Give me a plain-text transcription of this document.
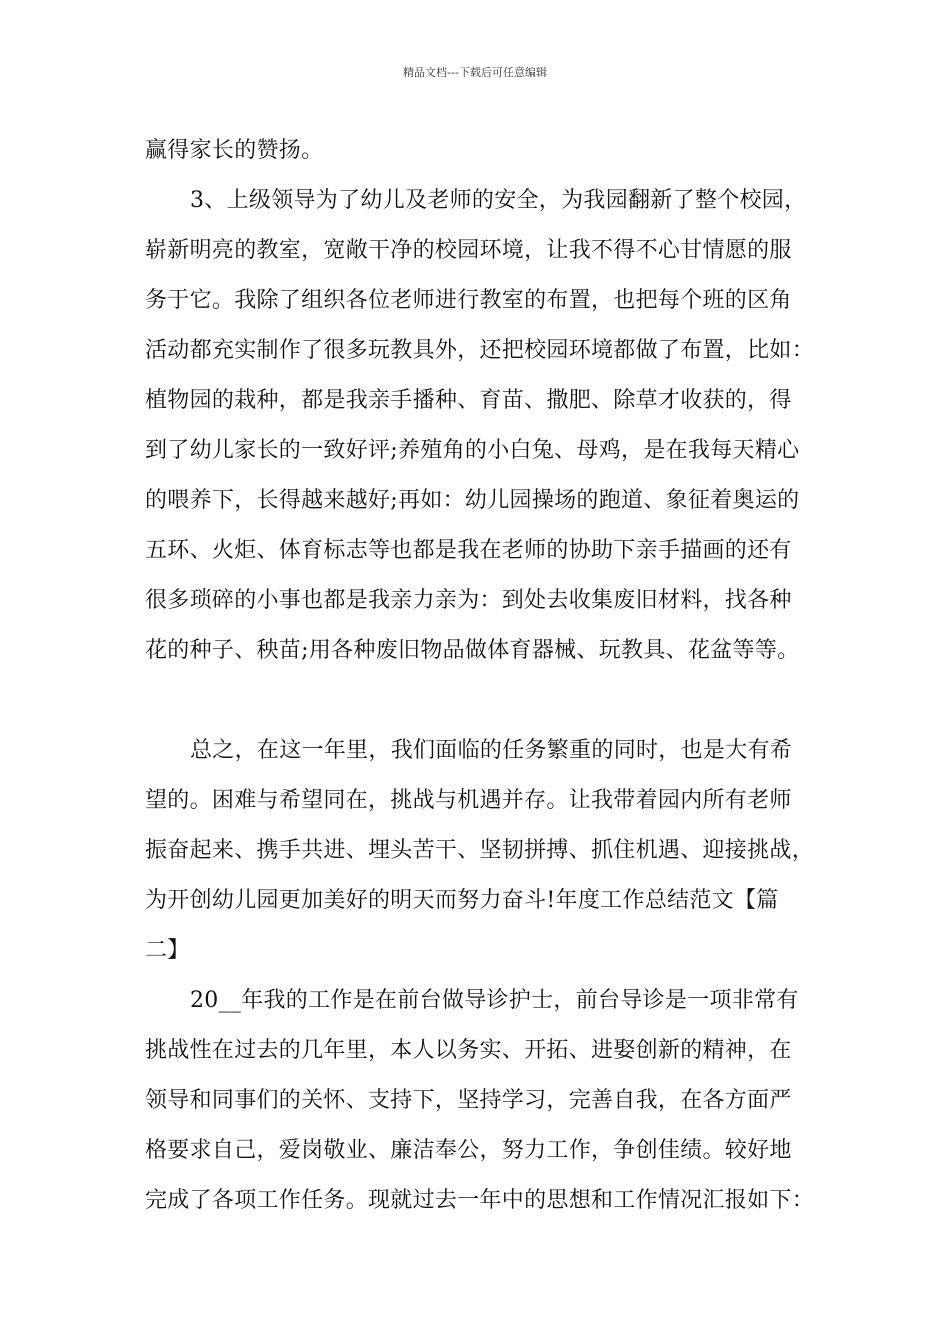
精品文档---下载后可任意编辑
赢得家长的赞扬。
3、上级领导为了幼儿及老师的安全，为我园翻新了整个校园，
崭新明亮的教室，宽敞干净的校园环境，让我不得不心甘情愿的服
务于它。我除了组织各位老师进行教室的布置，也把每个班的区角
活动都充实制作了很多玩教具外，还把校园环境都做了布置，比如：
植物园的栽种，都是我亲手播种、育苗、撒肥、除草才收获的，得
到了幼儿家长的一致好评;养殖角的小白兔、母鸡，是在我每天精心
的喂养下，长得越来越好;再如：幼儿园操场的跑道、象征着奥运的
五环、火炬、体育标志等也都是我在老师的协助下亲手描画的还有
很多琐碎的小事也都是我亲力亲为：到处去收集废旧材料，找各种
花的种子、秧苗;用各种废旧物品做体育器械、玩教具、花盆等等。
总之，在这一年里，我们面临的任务繁重的同时，也是大有希
望的。困难与希望同在，挑战与机遇并存。让我带着园内所有老师
振奋起来、携手共进、埋头苦干、坚韧拼搏、抓住机遇、迎接挑战，
为开创幼儿园更加美好的明天而努力奋斗!年度工作总结范文【篇
二】
20__年我的工作是在前台做导诊护士，前台导诊是一项非常有
挑战性在过去的几年里，本人以务实、开拓、进娶创新的精神，在
领导和同事们的关怀、支持下，坚持学习，完善自我，在各方面严
格要求自己，爱岗敬业、廉洁奉公，努力工作，争创佳绩。较好地
完成了各项工作任务。现就过去一年中的思想和工作情况汇报如下：
